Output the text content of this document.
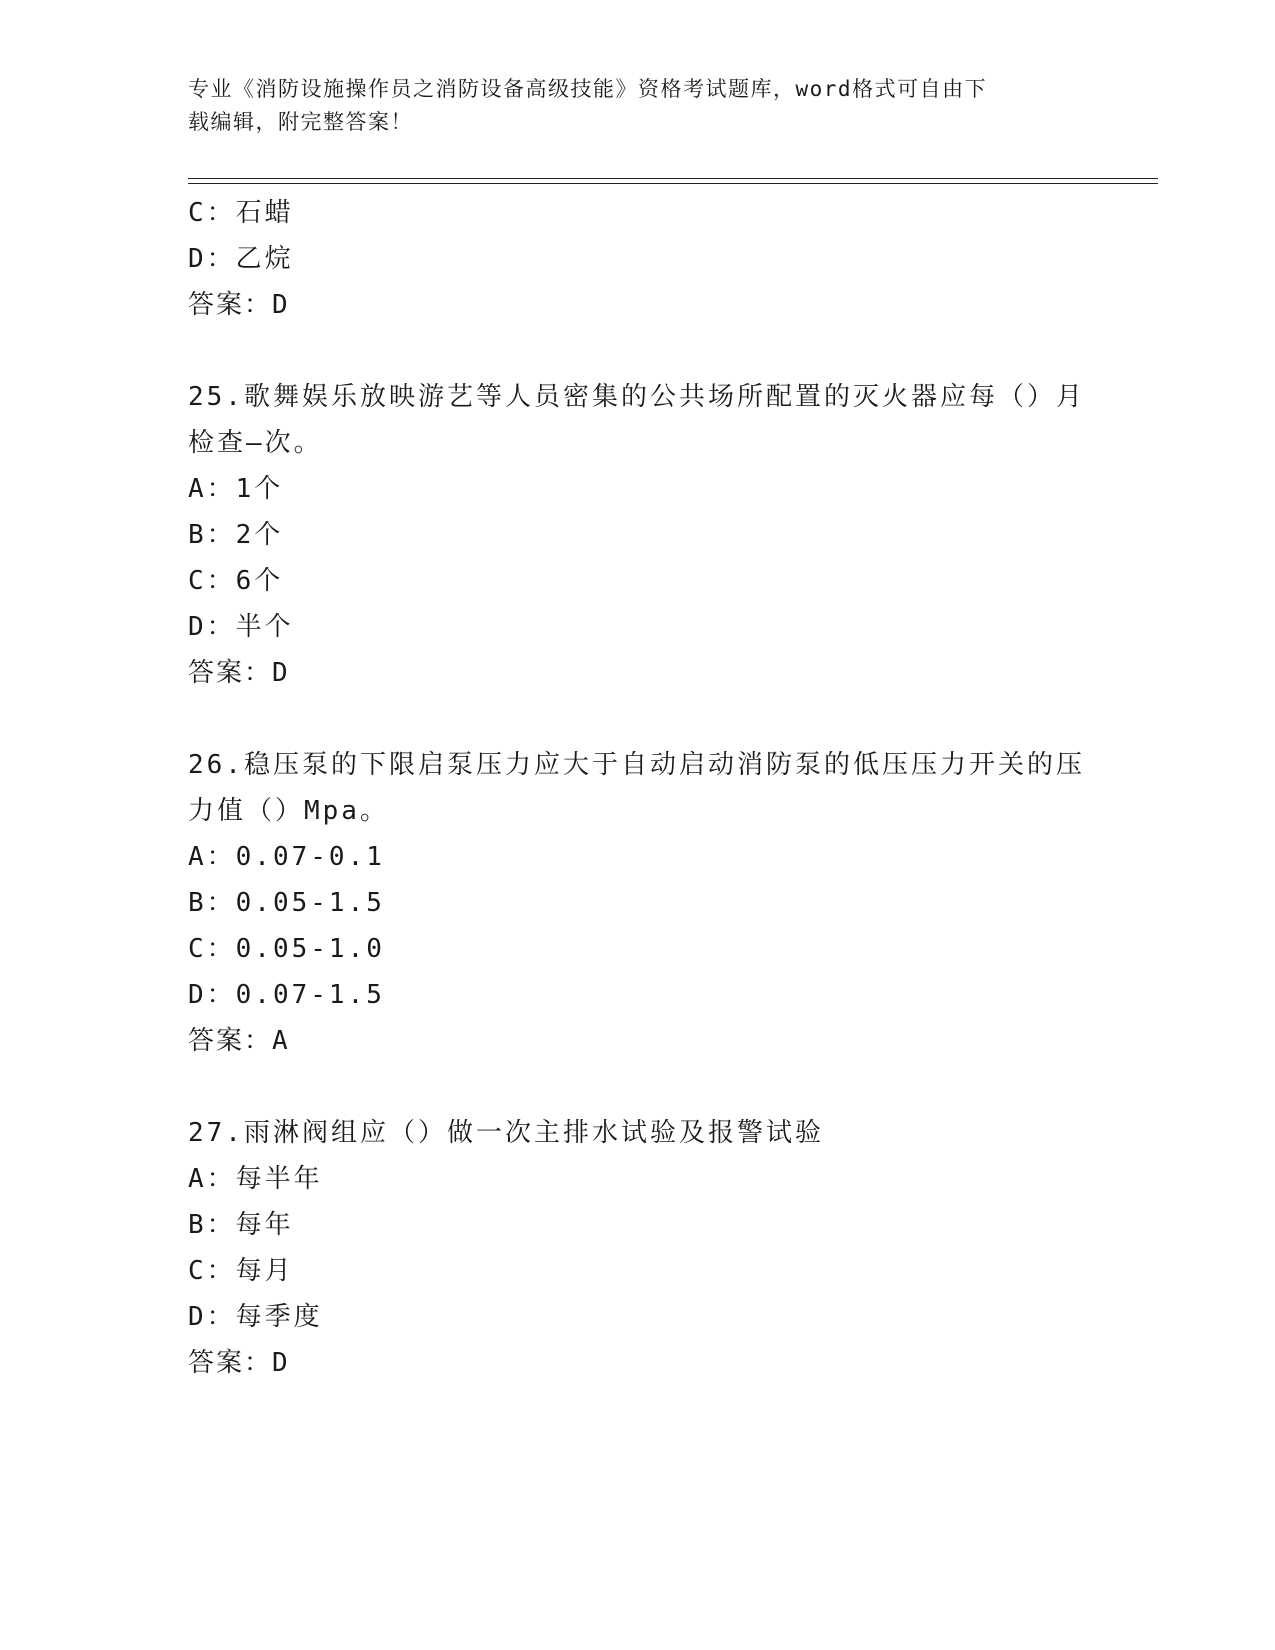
专业《消防设施操作员之消防设备高级技能》资格考试题库，word格式可自由下
载编辑，附完整答案！
C：石蜡
D：乙烷
答案：D
25.歌舞娱乐放映游艺等人员密集的公共场所配置的灭火器应每（）月
检查—次。
A：1个
B：2个
C：6个
D：半个
答案：D
26.稳压泵的下限启泵压力应大于自动启动消防泵的低压压力开关的压
力值（）Mpa。
A：0.07-0.1
B：0.05-1.5
C：0.05-1.0
D：0.07-1.5
答案：A
27.雨淋阀组应（）做一次主排水试验及报警试验
A：每半年
B：每年
C：每月
D：每季度
答案：D
